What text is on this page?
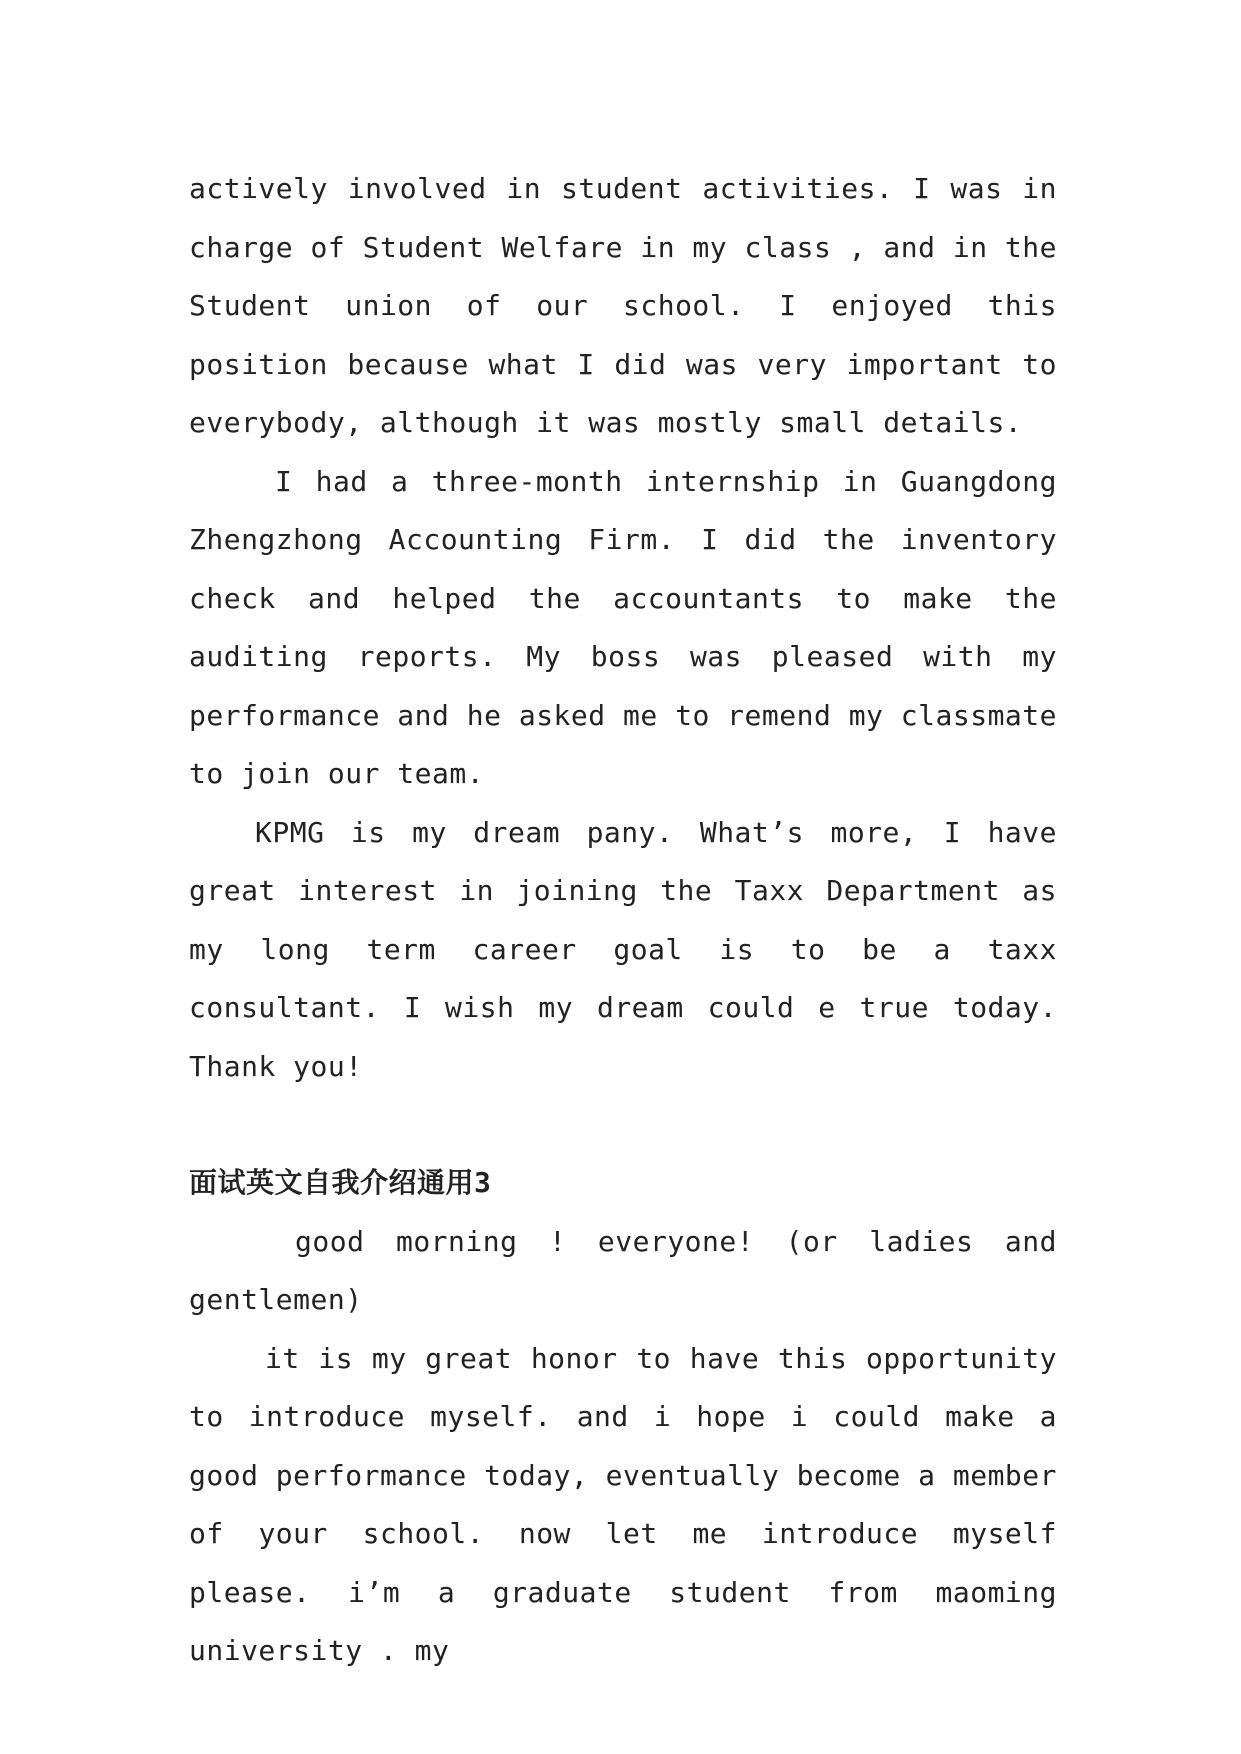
actively involved in student activities. I was in charge of Student Welfare in my class , and in the Student union of our school. I enjoyed this position because what I did was very important to everybody, although it was mostly small details.

I had a three-month internship in Guangdong Zhengzhong Accounting Firm. I did the inventory check and helped the accountants to make the auditing reports. My boss was pleased with my performance and he asked me to remend my classmate to join our team.

KPMG is my dream pany. What’s more, I have great interest in joining the Taxx Department as my long term career goal is to be a taxx consultant. I wish my dream could e true today. Thank you!

面试英文自我介绍通用3

good morning ! everyone! (or ladies and gentlemen)

it is my great honor to have this opportunity to introduce myself. and i hope i could make a good performance today, eventually become a member of your school. now let me introduce myself please. i’m a graduate student from maoming university . my
